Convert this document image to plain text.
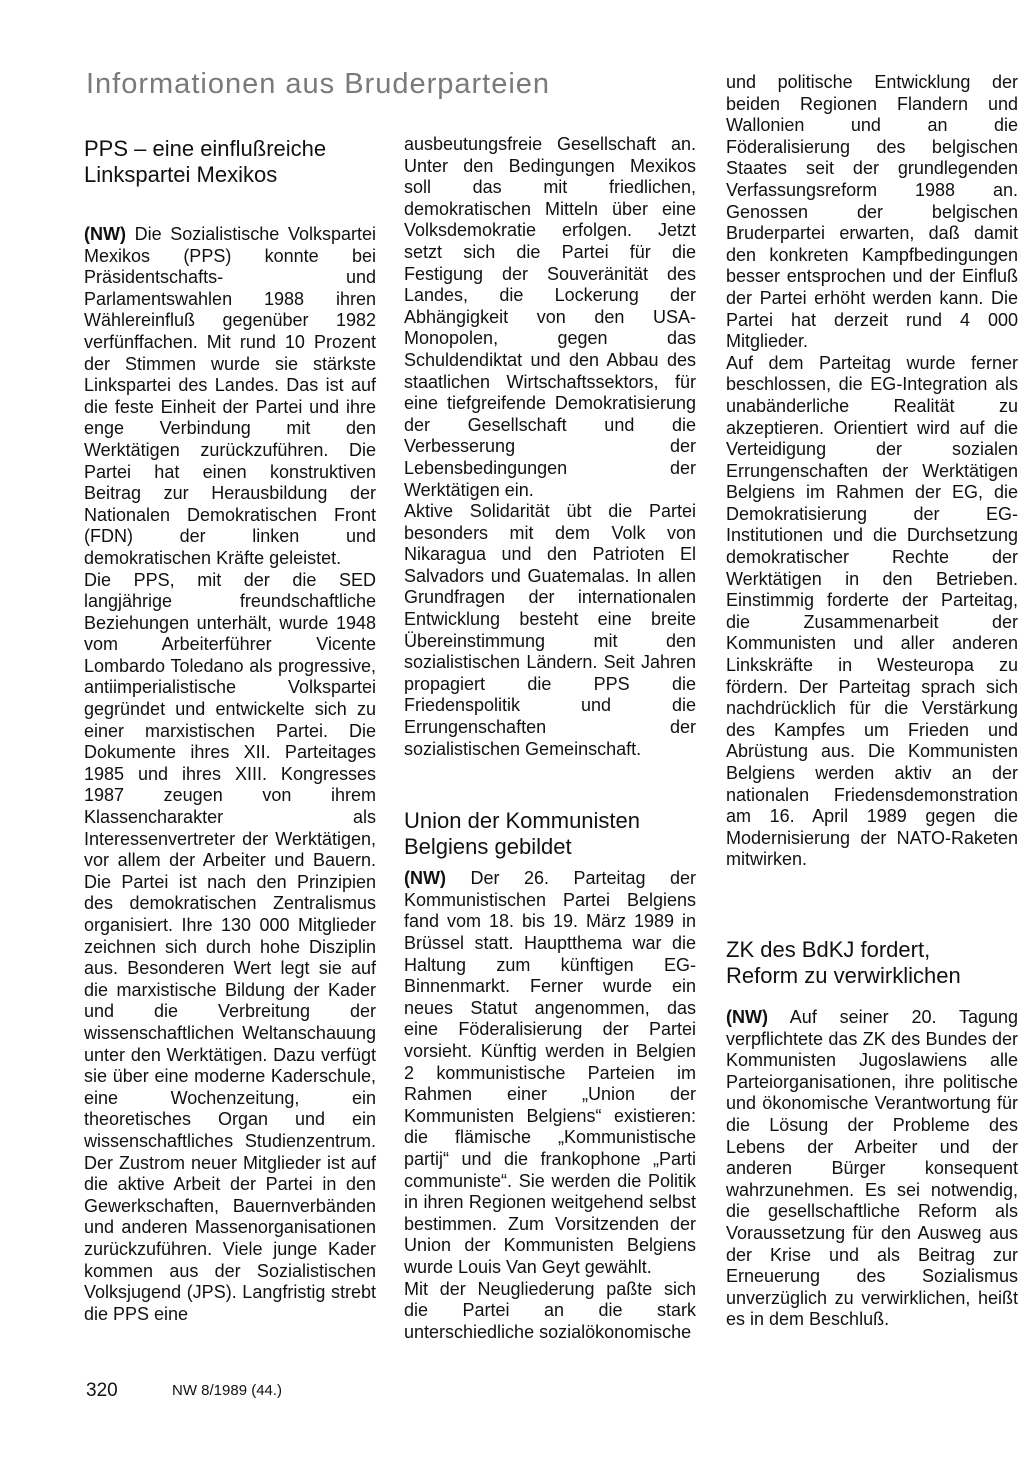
Informationen aus Bruderparteien
PPS – eine einflußreiche Linkspartei Mexikos

(NW) Die Sozialistische Volkspartei Mexikos (PPS) konnte bei Präsidentschafts- und Parlamentswahlen 1988 ihren Wählereinfluß gegenüber 1982 verfünffachen. Mit rund 10 Prozent der Stimmen wurde sie stärkste Linkspartei des Landes. Das ist auf die feste Einheit der Partei und ihre enge Verbindung mit den Werktätigen zurückzuführen. Die Partei hat einen konstruktiven Beitrag zur Herausbildung der Nationalen Demokratischen Front (FDN) der linken und demokratischen Kräfte geleistet.

Die PPS, mit der die SED langjährige freundschaftliche Beziehungen unterhält, wurde 1948 vom Arbeiterführer Vicente Lombardo Toledano als progressive, antiimperialistische Volkspartei gegründet und entwickelte sich zu einer marxistischen Partei. Die Dokumente ihres XII. Parteitages 1985 und ihres XIII. Kongresses 1987 zeugen von ihrem Klassencharakter als Interessenvertreter der Werktätigen, vor allem der Arbeiter und Bauern. Die Partei ist nach den Prinzipien des demokratischen Zentralismus organisiert. Ihre 130 000 Mitglieder zeichnen sich durch hohe Disziplin aus. Besonderen Wert legt sie auf die marxistische Bildung der Kader und die Verbreitung der wissenschaftlichen Weltanschauung unter den Werktätigen. Dazu verfügt sie über eine moderne Kaderschule, eine Wochenzeitung, ein theoretisches Organ und ein wissenschaftliches Studienzentrum. Der Zustrom neuer Mitglieder ist auf die aktive Arbeit der Partei in den Gewerkschaften, Bauernverbänden und anderen Massenorganisationen zurückzuführen. Viele junge Kader kommen aus der Sozialistischen Volksjugend (JPS). Langfristig strebt die PPS eine

ausbeutungsfreie Gesellschaft an. Unter den Bedingungen Mexikos soll das mit friedlichen, demokratischen Mitteln über eine Volksdemokratie erfolgen. Jetzt setzt sich die Partei für die Festigung der Souveränität des Landes, die Lockerung der Abhängigkeit von den USA-Monopolen, gegen das Schuldendiktat und den Abbau des staatlichen Wirtschaftssektors, für eine tiefgreifende Demokratisierung der Gesellschaft und die Verbesserung der Lebensbedingungen der Werktätigen ein.

Aktive Solidarität übt die Partei besonders mit dem Volk von Nikaragua und den Patrioten El Salvadors und Guatemalas. In allen Grundfragen der internationalen Entwicklung besteht eine breite Übereinstimmung mit den sozialistischen Ländern. Seit Jahren propagiert die PPS die Friedenspolitik und die Errungenschaften der sozialistischen Gemeinschaft.

Union der Kommunisten Belgiens gebildet

(NW) Der 26. Parteitag der Kommunistischen Partei Belgiens fand vom 18. bis 19. März 1989 in Brüssel statt. Hauptthema war die Haltung zum künftigen EG-Binnenmarkt. Ferner wurde ein neues Statut angenommen, das eine Föderalisierung der Partei vorsieht. Künftig werden in Belgien 2 kommunistische Parteien im Rahmen einer „Union der Kommunisten Belgiens“ existieren: die flämische „Kommunistische partij“ und die frankophone „Parti communiste“. Sie werden die Politik in ihren Regionen weitgehend selbst bestimmen. Zum Vorsitzenden der Union der Kommunisten Belgiens wurde Louis Van Geyt gewählt.

Mit der Neugliederung paßte sich die Partei an die stark unterschiedliche sozialökonomische

und politische Entwicklung der beiden Regionen Flandern und Wallonien und an die Föderalisierung des belgischen Staates seit der grundlegenden Verfassungsreform 1988 an. Genossen der belgischen Bruderpartei erwarten, daß damit den konkreten Kampfbedingungen besser entsprochen und der Einfluß der Partei erhöht werden kann. Die Partei hat derzeit rund 4 000 Mitglieder.

Auf dem Parteitag wurde ferner beschlossen, die EG-Integration als unabänderliche Realität zu akzeptieren. Orientiert wird auf die Verteidigung der sozialen Errungenschaften der Werktätigen Belgiens im Rahmen der EG, die Demokratisierung der EG-Institutionen und die Durchsetzung demokratischer Rechte der Werktätigen in den Betrieben. Einstimmig forderte der Parteitag, die Zusammenarbeit der Kommunisten und aller anderen Linkskräfte in Westeuropa zu fördern. Der Parteitag sprach sich nachdrücklich für die Verstärkung des Kampfes um Frieden und Abrüstung aus. Die Kommunisten Belgiens werden aktiv an der nationalen Friedensdemonstration am 16. April 1989 gegen die Modernisierung der NATO-Raketen mitwirken.

ZK des BdKJ fordert, Reform zu verwirklichen

(NW) Auf seiner 20. Tagung verpflichtete das ZK des Bundes der Kommunisten Jugoslawiens alle Parteiorganisationen, ihre politische und ökonomische Verantwortung für die Lösung der Probleme des Lebens der Arbeiter und der anderen Bürger konsequent wahrzunehmen. Es sei notwendig, die gesellschaftliche Reform als Voraussetzung für den Ausweg aus der Krise und als Beitrag zur Erneuerung des Sozialismus unverzüglich zu verwirklichen, heißt es in dem Beschluß.

320	NW 8/1989 (44.)
